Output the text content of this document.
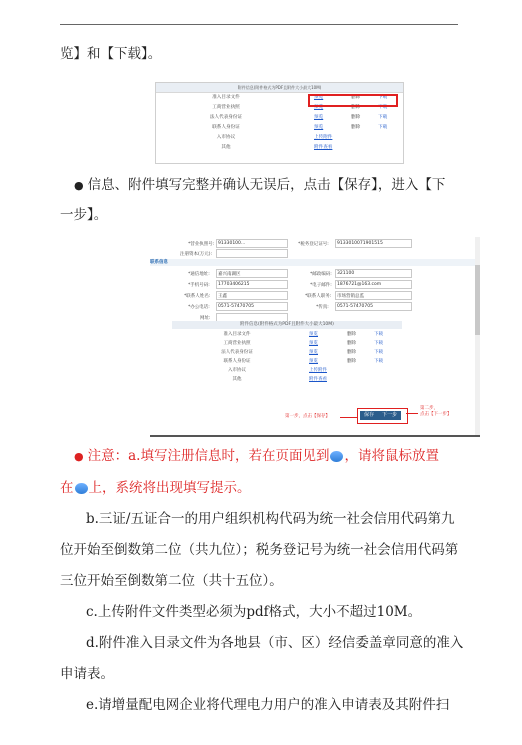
览】和【下载】。
附件信息(附件格式为PDF且附件大小最大10M)
准入目录文件	预览	删除	下载
工商营业执照	预览	删除	下载
法人代表身份证	预览	删除	下载
联系人身份证	预览	删除	下载
入市协议	上传附件
其他	附件查看
● 信息、附件填写完整并确认无误后，点击【保存】，进入【下
一步】。
*营业执照号: 91330100...	*税务登记证号: 9133010071901515
注册资本(万元):
联系信息
*通信地址: 嘉兴南湖区	*邮政编码: 321100
*手机号码: 17703406215	*电子邮件: 1876721@163.com
*联系人姓名: 王鑫	*联系人职务: 市场营销总监
*办公电话: 0571-57470705	*传真: 0571-57470705
网址:
附件信息(附件格式为PDF且附件大小最大10M)
准入目录文件	预览	删除	下载
工商营业执照	预览	删除	下载
法人代表身份证	预览	删除	下载
联系人身份证	预览	删除	下载
入市协议	上传附件
其他	附件查看
第一步，点击【保存】	保存	下一步
第二步，
点击【下一步】
● 注意：a.填写注册信息时，若在页面见到 ，请将鼠标放置
在 上，系统将出现填写提示。
b.三证/五证合一的用户组织机构代码为统一社会信用代码第九
位开始至倒数第二位（共九位）；税务登记号为统一社会信用代码第
三位开始至倒数第二位（共十五位）。
c.上传附件文件类型必须为pdf格式，大小不超过10M。
d.附件准入目录文件为各地县（市、区）经信委盖章同意的准入
申请表。
e.请增量配电网企业将代理电力用户的准入申请表及其附件扫
